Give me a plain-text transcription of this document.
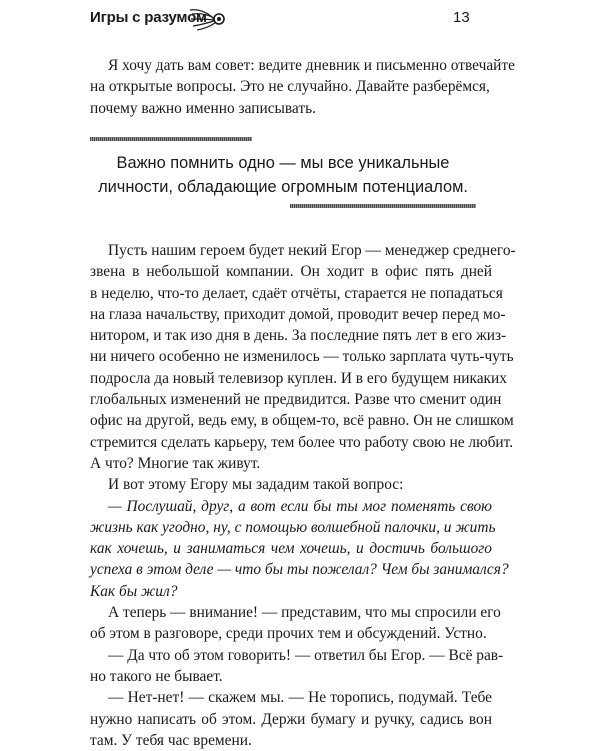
Игры с разумом	13
Я хочу дать вам совет: ведите дневник и письменно отвечайте
на открытые вопросы. Это не случайно. Давайте разберёмся,
почему важно именно записывать.
Важно помнить одно — мы все уникальные
личности, обладающие огромным потенциалом.
Пусть нашим героем будет некий Егор — менеджер среднего-
звена в небольшой компании. Он ходит в офис пять дней
в неделю, что-то делает, сдаёт отчёты, старается не попадаться
на глаза начальству, приходит домой, проводит вечер перед мо-
нитором, и так изо дня в день. За последние пять лет в его жиз-
ни ничего особенно не изменилось — только зарплата чуть-чуть
подросла да новый телевизор куплен. И в его будущем никаких
глобальных изменений не предвидится. Разве что сменит один
офис на другой, ведь ему, в общем-то, всё равно. Он не слишком
стремится сделать карьеру, тем более что работу свою не любит.
А что? Многие так живут.
И вот этому Егору мы зададим такой вопрос:
— Послушай, друг, а вот если бы ты мог поменять свою
жизнь как угодно, ну, с помощью волшебной палочки, и жить
как хочешь, и заниматься чем хочешь, и достичь большого
успеха в этом деле — что бы ты пожелал? Чем бы занимался?
Как бы жил?
А теперь — внимание! — представим, что мы спросили его
об этом в разговоре, среди прочих тем и обсуждений. Устно.
— Да что об этом говорить! — ответил бы Егор. — Всё рав-
но такого не бывает.
— Нет-нет! — скажем мы. — Не торопись, подумай. Тебе
нужно написать об этом. Держи бумагу и ручку, садись вон
там. У тебя час времени.
